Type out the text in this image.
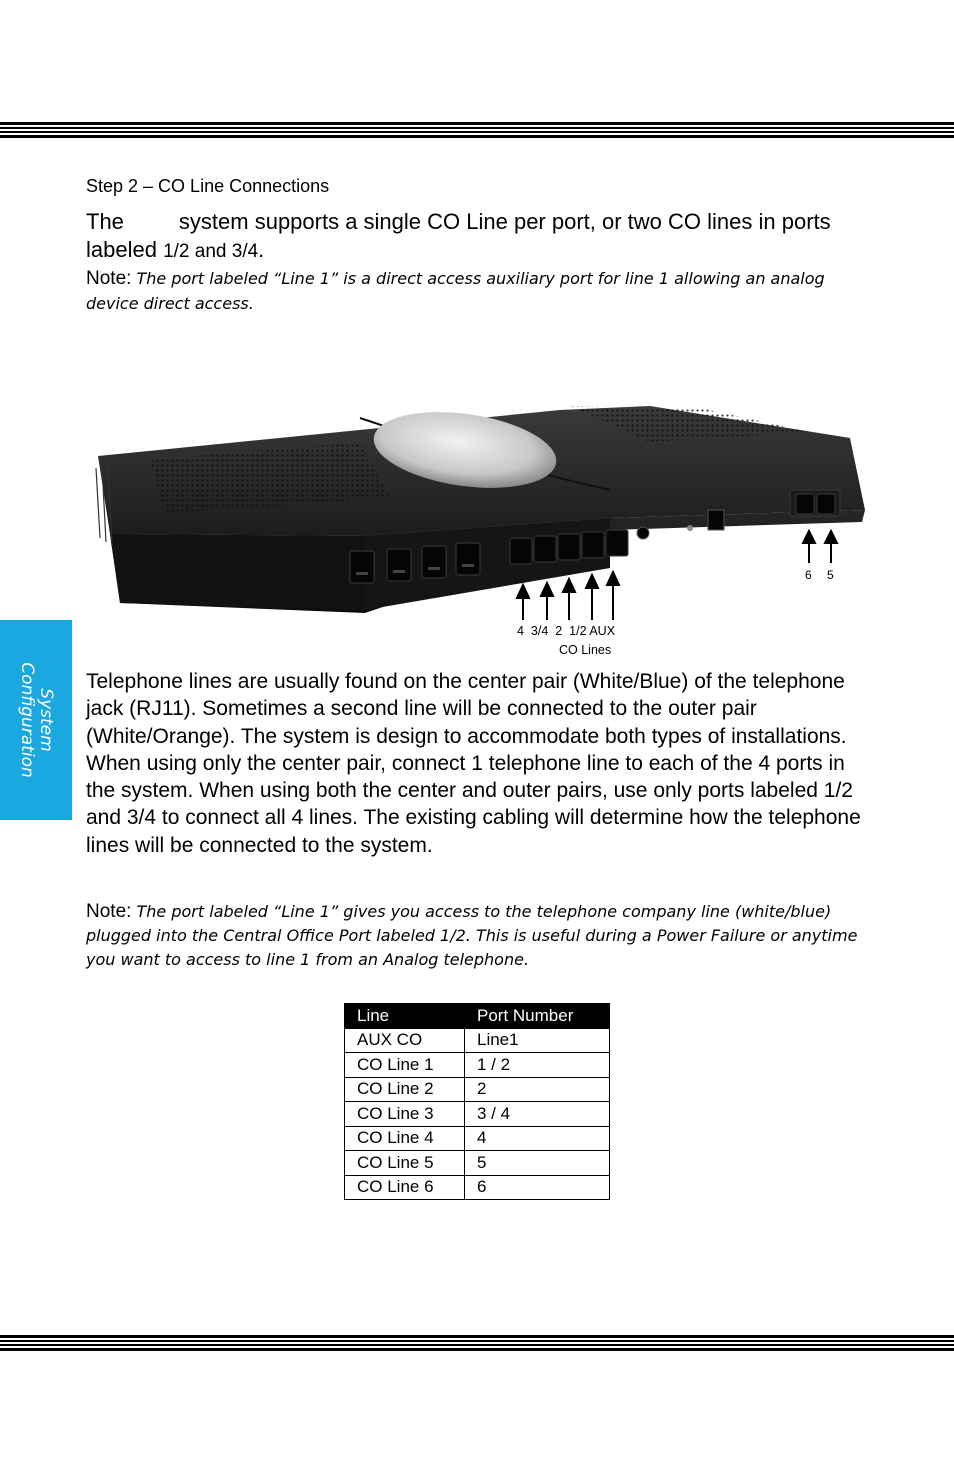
System
Configuration
Step 2 – CO Line Connections
The	system supports a single CO Line per port, or two CO lines in ports labeled 1/2 and 3/4.
Note: The port labeled “Line 1” is a direct access auxiliary port for line 1 allowing an analog device direct access.
6 5
4 3/4 2 1/2 AUX
CO Lines
Telephone lines are usually found on the center pair (White/Blue) of the telephone jack (RJ11). Sometimes a second line will be connected to the outer pair (White/Orange). The system is design to accommodate both types of installations. When using only the center pair, connect 1 telephone line to each of the 4 ports in the system. When using both the center and outer pairs, use only ports labeled 1/2 and 3/4 to connect all 4 lines. The existing cabling will determine how the telephone lines will be connected to the system.
Note: The port labeled “Line 1” gives you access to the telephone company line (white/blue) plugged into the Central Office Port labeled 1/2. This is useful during a Power Failure or anytime you want to access to line 1 from an Analog telephone.
Line	Port Number
AUX CO	Line1
CO Line 1	1 / 2
CO Line 2	2
CO Line 3	3 / 4
CO Line 4	4
CO Line 5	5
CO Line 6	6
